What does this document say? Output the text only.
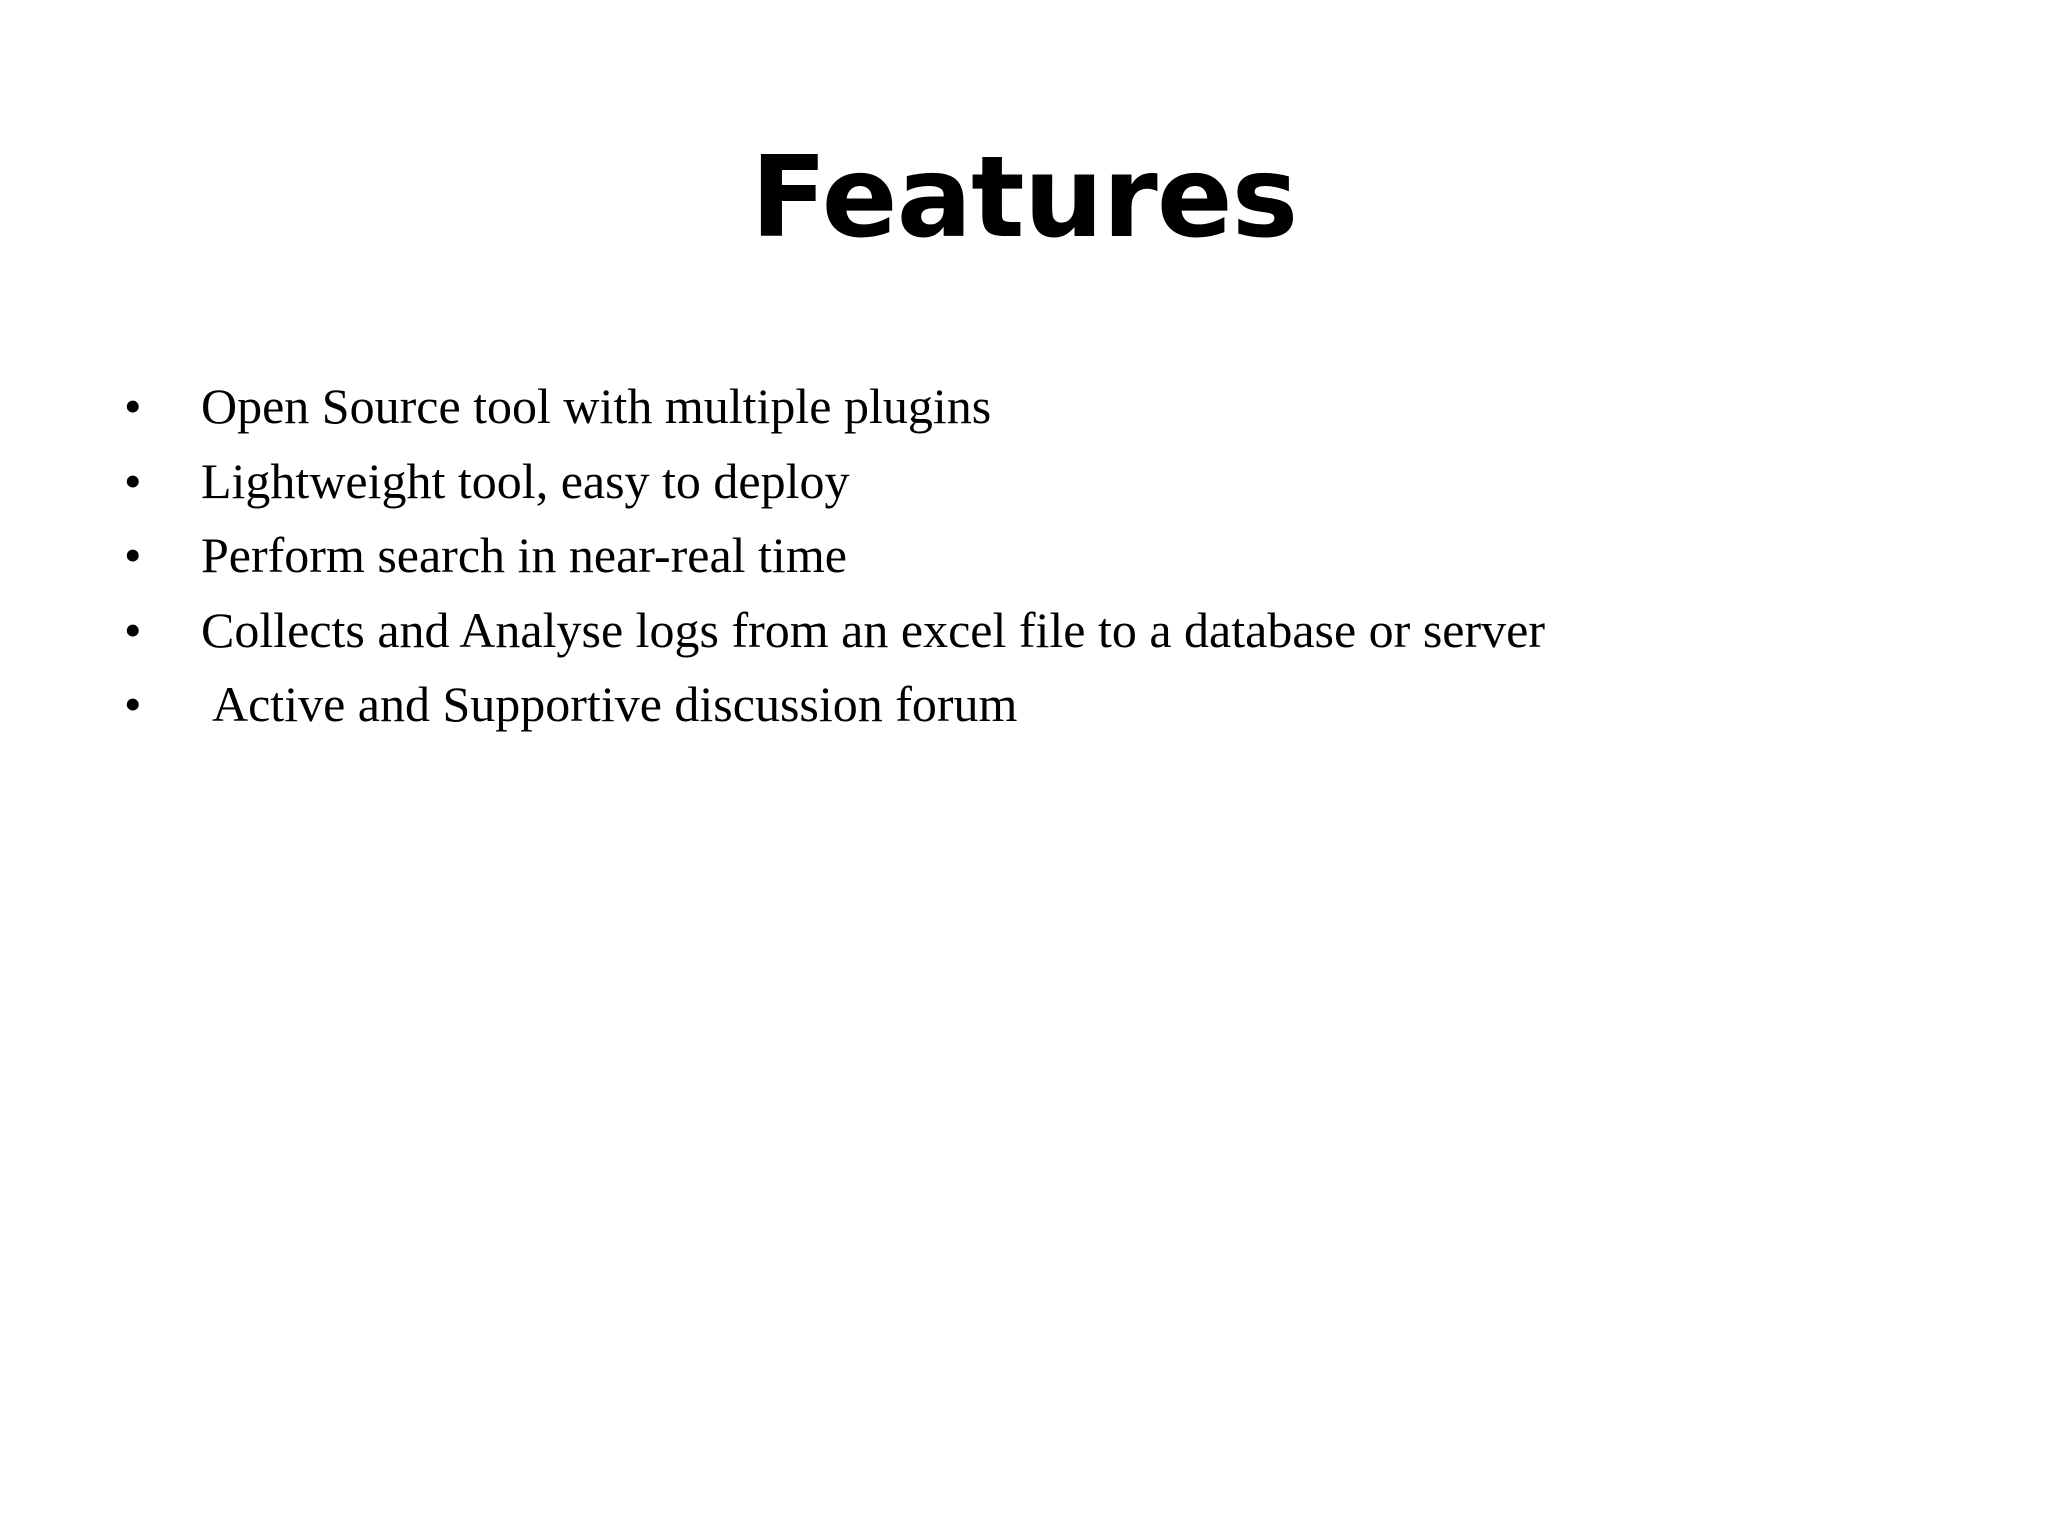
Features
• Open Source tool with multiple plugins
• Lightweight tool, easy to deploy
• Perform search in near-real time
• Collects and Analyse logs from an excel file to a database or server
• Active and Supportive discussion forum
